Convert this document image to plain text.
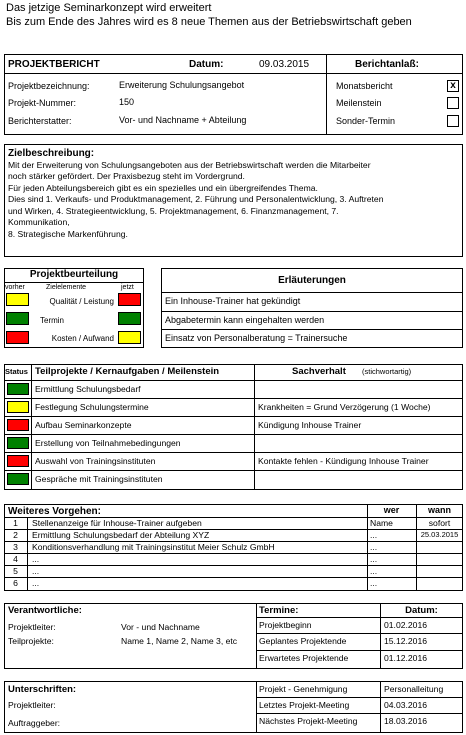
Das jetzige Seminarkonzept wird erweitert
Bis zum Ende des Jahres wird es 8 neue Themen aus der Betriebswirtschaft geben
PROJEKTBERICHT	Datum:	09.03.2015	Berichtanlaß:
Projektbezeichnung:	Erweiterung Schulungsangebot
Projekt-Nummer:	150
Berichterstatter:	Vor- und Nachname + Abteilung
Monatsbericht	x
Meilenstein
Sonder-Termin
Zielbeschreibung:
Mit der Erweiterung von Schulungsangeboten aus der Betriebswirtschaft werden die Mitarbeiter
noch stärker gefördert. Der Praxisbezug steht im Vordergrund.
Für jeden Abteilungsbereich gibt es ein spezielles und ein übergreifendes Thema.
Dies sind 1. Verkaufs- und Produktmanagement, 2. Führung und Personalentwicklung, 3. Auftreten
und Wirken, 4. Strategieentwicklung, 5. Projektmanagement, 6. Finanzmanagement, 7.
Kommunikation,
8. Strategische Markenführung.
Projektbeurteilung
vorher	Zielelemente	jetzt
Qualität / Leistung
Termin
Kosten / Aufwand
Erläuterungen
Ein Inhouse-Trainer hat gekündigt
Abgabetermin kann eingehalten werden
Einsatz von Personalberatung = Trainersuche
Status Teilprojekte / Kernaufgaben / Meilenstein	Sachverhalt (stichwortartig)
Ermittlung Schulungsbedarf
Festlegung Schulungstermine	Krankheiten = Grund Verzögerung (1 Woche)
Aufbau Seminarkonzepte	Kündigung Inhouse Trainer
Erstellung von Teilnahmebedingungen
Auswahl von Trainingsinstituten	Kontakte fehlen - Kündigung Inhouse Trainer
Gespräche mit Trainingsinstituten
Weiteres Vorgehen:	wer	wann
1	Stellenanzeige für Inhouse-Trainer aufgeben	Name	sofort
2	Ermittlung Schulungsbedarf der Abteilung XYZ	...	25.03.2015
3	Konditionsverhandlung mit Trainingsinstitut Meier Schulz GmbH	...
4	...	...
5	...	...
6	...	...
Verantwortliche:
Projektleiter:	Vor - und Nachname
Teilprojekte:	Name 1, Name 2, Name 3, etc
Termine:	Datum:
Projektbeginn	01.02.2016
Geplantes Projektende	15.12.2016
Erwartetes Projektende	01.12.2016
Unterschriften:
Projektleiter:
Auftraggeber:
Projekt - Genehmigung	Personalleitung
Letztes Projekt-Meeting	04.03.2016
Nächstes Projekt-Meeting	18.03.2016
